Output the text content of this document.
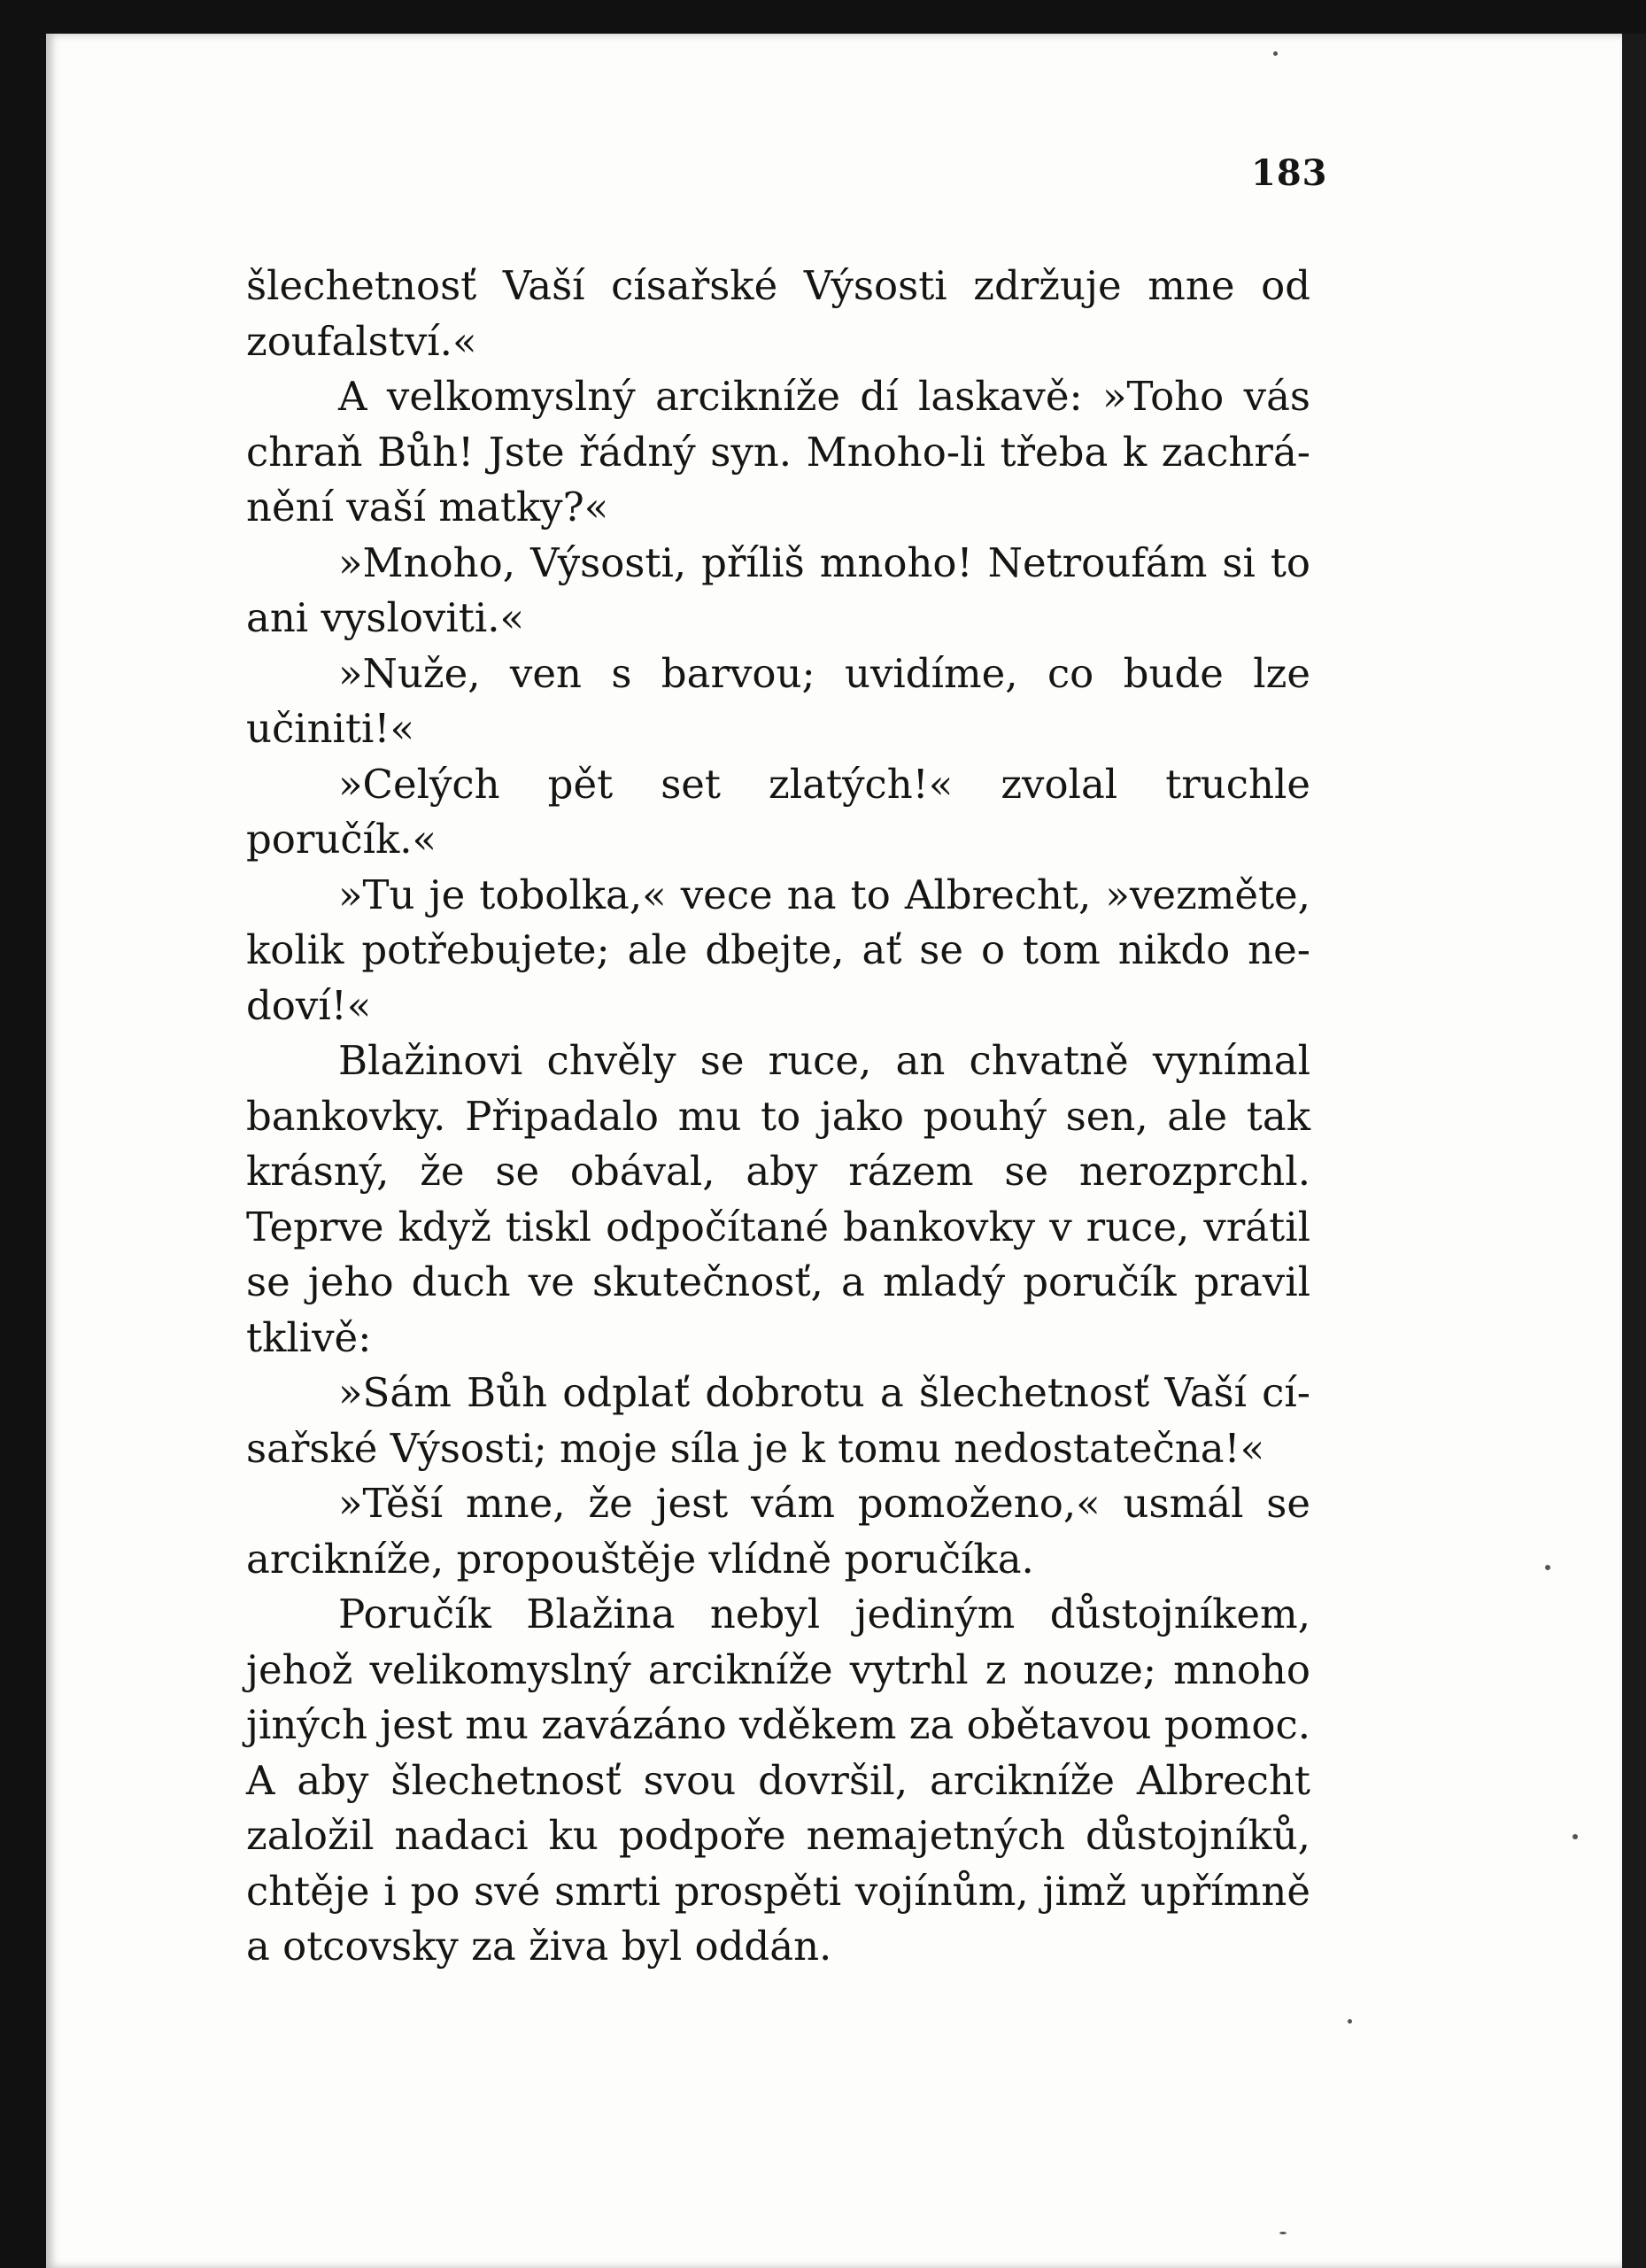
183

šlechetnosť Vaší císařské Výsosti zdržuje mne od zoufalství.«

A velkomyslný arcikníže dí laskavě: »Toho vás chraň Bůh! Jste řádný syn. Mnoho-li třeba k zachránění vaší matky?«

»Mnoho, Výsosti, příliš mnoho! Netroufám si to ani vysloviti.«

»Nuže, ven s barvou; uvidíme, co bude lze učiniti!«

»Celých pět set zlatých!« zvolal truchle poručík.«

»Tu je tobolka,« vece na to Albrecht, »vezměte, kolik potřebujete; ale dbejte, ať se o tom nikdo nedoví!«

Blažinovi chvěly se ruce, an chvatně vynímal bankovky. Připadalo mu to jako pouhý sen, ale tak krásný, že se obával, aby rázem se nerozprchl. Teprve když tiskl odpočítané bankovky v ruce, vrátil se jeho duch ve skutečnosť, a mladý poručík pravil tklivě:

»Sám Bůh odplať dobrotu a šlechetnosť Vaší císařské Výsosti; moje síla je k tomu nedostatečna!«

»Těší mne, že jest vám pomoženo,« usmál se arcikníže, propouštěje vlídně poručíka.

Poručík Blažina nebyl jediným důstojníkem, jehož velikomyslný arcikníže vytrhl z nouze; mnoho jiných jest mu zavázáno vděkem za obětavou pomoc. A aby šlechetnosť svou dovršil, arcikníže Albrecht založil nadaci ku podpoře nemajetných důstojníků, chtěje i po své smrti prospěti vojínům, jimž upřímně a otcovsky za živa byl oddán.
